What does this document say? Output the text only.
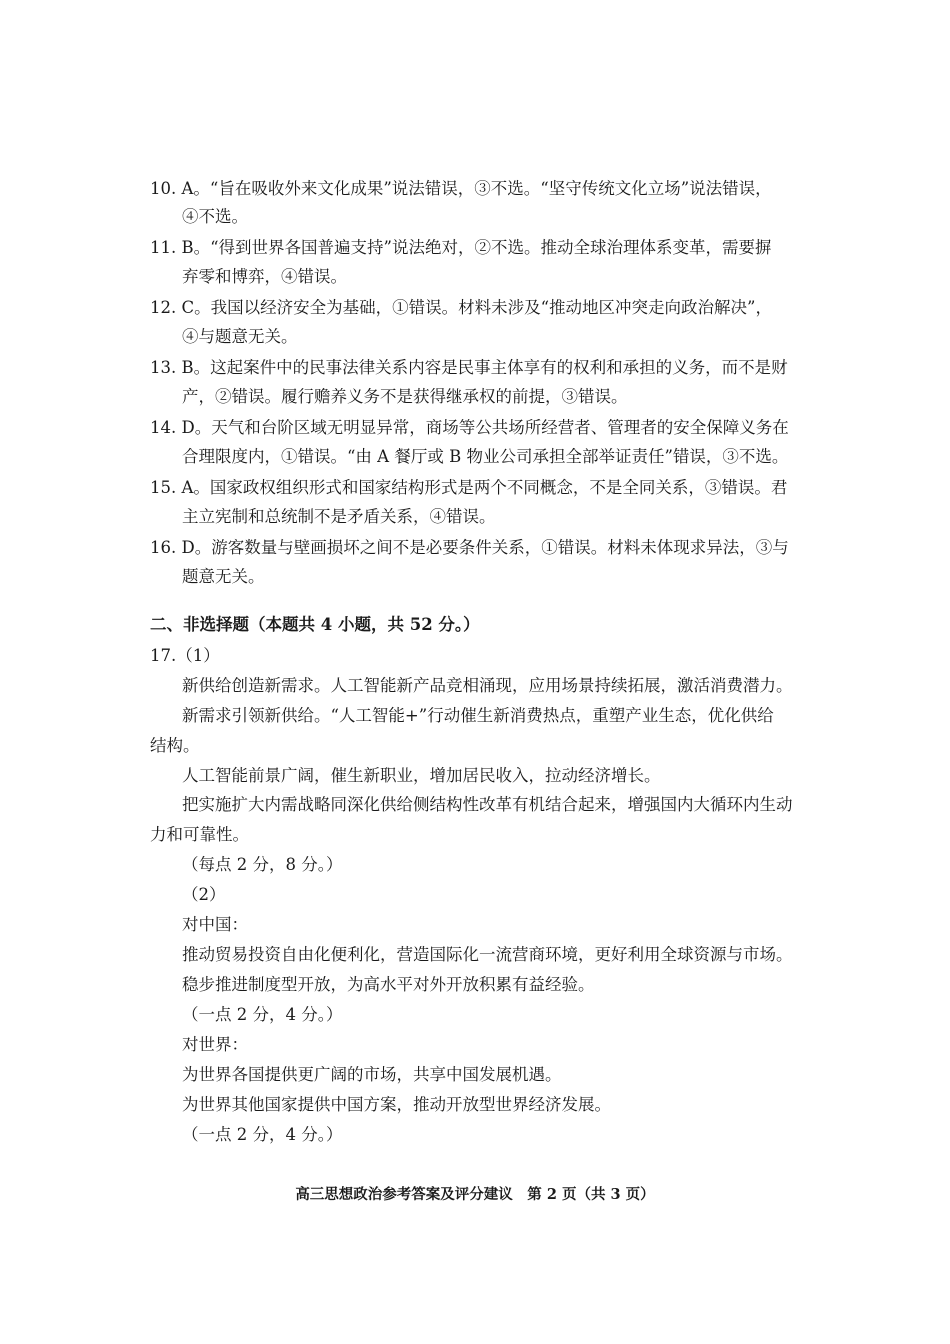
10. A。“旨在吸收外来文化成果”说法错误，③不选。“坚守传统文化立场”说法错误，
④不选。
11. B。“得到世界各国普遍支持”说法绝对，②不选。推动全球治理体系变革，需要摒
弃零和博弈，④错误。
12. C。我国以经济安全为基础，①错误。材料未涉及“推动地区冲突走向政治解决”，
④与题意无关。
13. B。这起案件中的民事法律关系内容是民事主体享有的权利和承担的义务，而不是财
产，②错误。履行赡养义务不是获得继承权的前提，③错误。
14. D。天气和台阶区域无明显异常，商场等公共场所经营者、管理者的安全保障义务在
合理限度内，①错误。“由 A 餐厅或 B 物业公司承担全部举证责任”错误，③不选。
15. A。国家政权组织形式和国家结构形式是两个不同概念，不是全同关系，③错误。君
主立宪制和总统制不是矛盾关系，④错误。
16. D。游客数量与壁画损坏之间不是必要条件关系，①错误。材料未体现求异法，③与
题意无关。
二、非选择题（本题共 4 小题，共 52 分。）
17.（1）
新供给创造新需求。人工智能新产品竞相涌现，应用场景持续拓展，激活消费潜力。
新需求引领新供给。“人工智能+”行动催生新消费热点，重塑产业生态，优化供给
结构。
人工智能前景广阔，催生新职业，增加居民收入，拉动经济增长。
把实施扩大内需战略同深化供给侧结构性改革有机结合起来，增强国内大循环内生动
力和可靠性。
（每点 2 分，8 分。）
（2）
对中国：
推动贸易投资自由化便利化，营造国际化一流营商环境，更好利用全球资源与市场。
稳步推进制度型开放，为高水平对外开放积累有益经验。
（一点 2 分，4 分。）
对世界：
为世界各国提供更广阔的市场，共享中国发展机遇。
为世界其他国家提供中国方案，推动开放型世界经济发展。
（一点 2 分，4 分。）
高三思想政治参考答案及评分建议　第 2 页（共 3 页）
